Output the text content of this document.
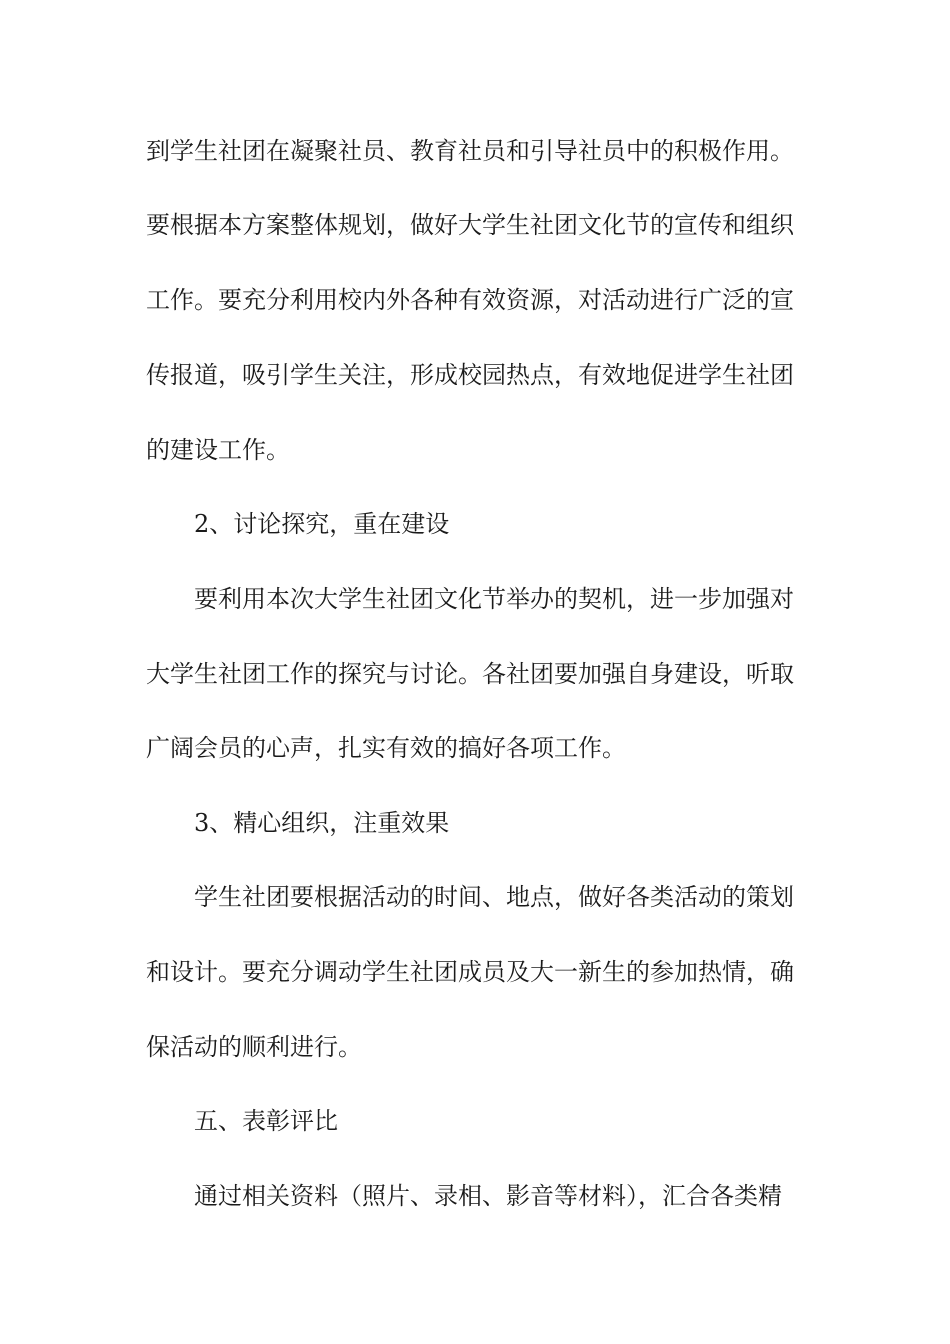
到学生社团在凝聚社员、教育社员和引导社员中的积极作用。
要根据本方案整体规划，做好大学生社团文化节的宣传和组织
工作。要充分利用校内外各种有效资源，对活动进行广泛的宣
传报道，吸引学生关注，形成校园热点，有效地促进学生社团
的建设工作。
2、讨论探究，重在建设
要利用本次大学生社团文化节举办的契机，进一步加强对
大学生社团工作的探究与讨论。各社团要加强自身建设，听取
广阔会员的心声，扎实有效的搞好各项工作。
3、精心组织，注重效果
学生社团要根据活动的时间、地点，做好各类活动的策划
和设计。要充分调动学生社团成员及大一新生的参加热情，确
保活动的顺利进行。
五、表彰评比
通过相关资料（照片、录相、影音等材料），汇合各类精
